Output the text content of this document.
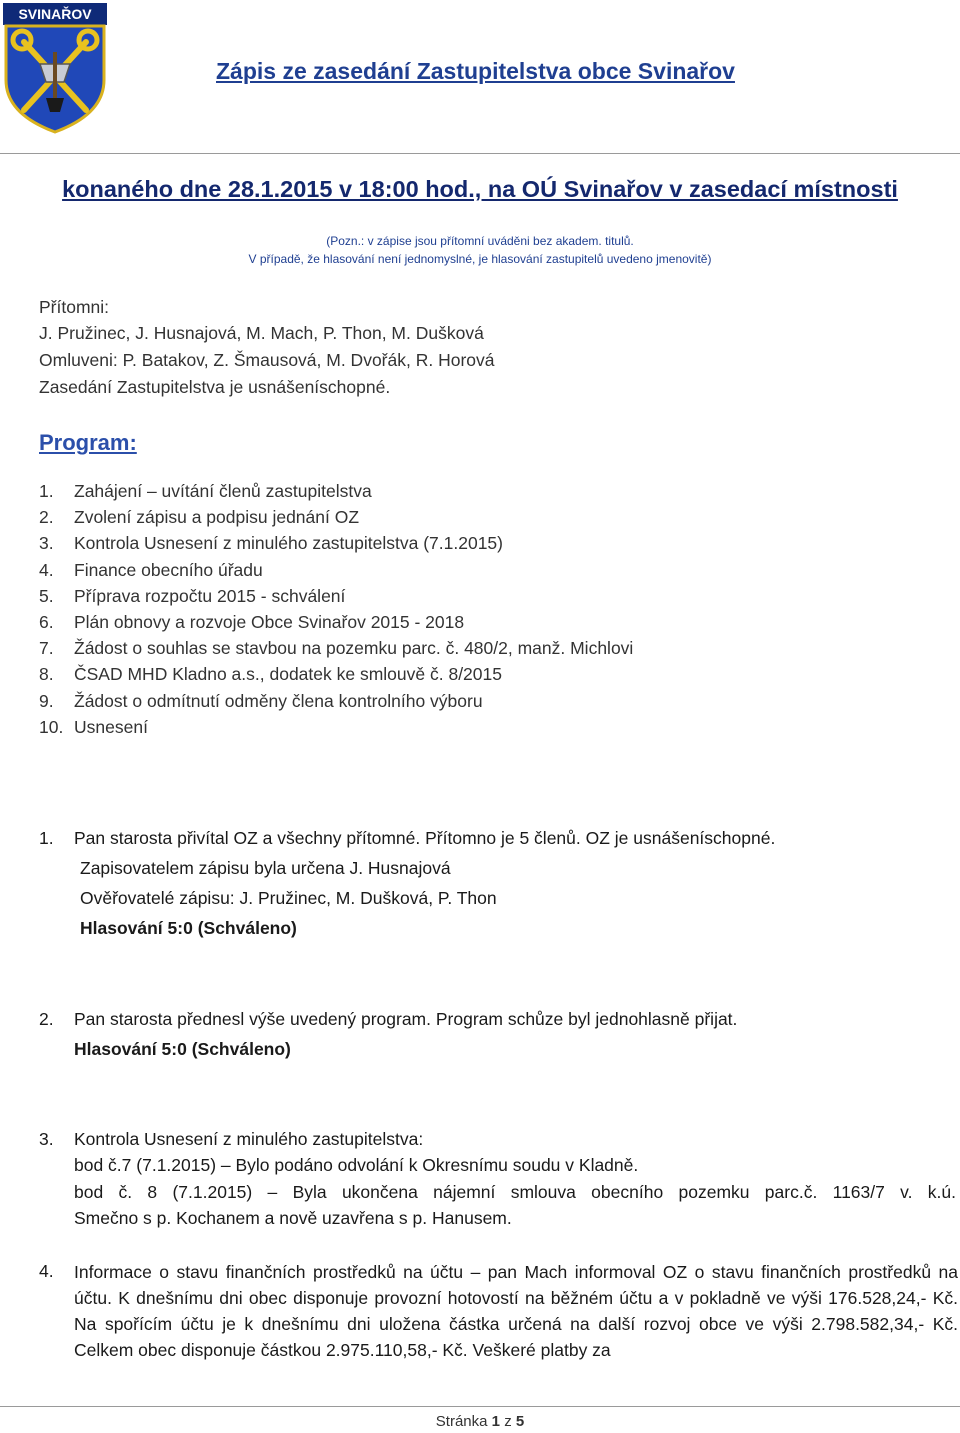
SVINAŘOV
Zápis ze zasedání Zastupitelstva obce Svinařov

konaného dne 28.1.2015 v 18:00 hod., na OÚ Svinařov v zasedací místnosti

(Pozn.: v zápise jsou přítomní uváděni bez akadem. titulů.
V případě, že hlasování není jednomyslné, je hlasování zastupitelů uvedeno jmenovitě)
Přítomni:
J. Pružinec, J. Husnajová, M. Mach, P. Thon, M. Dušková
Omluveni: P. Batakov, Z. Šmausová, M. Dvořák, R. Horová
Zasedání Zastupitelstva je usnášeníschopné.
Program:
1. Zahájení – uvítání členů zastupitelstva
2. Zvolení zápisu a podpisu jednání OZ
3. Kontrola Usnesení z minulého zastupitelstva (7.1.2015)
4. Finance obecního úřadu
5. Příprava rozpočtu 2015 - schválení
6. Plán obnovy a rozvoje Obce Svinařov 2015 - 2018
7. Žádost o souhlas se stavbou na pozemku parc. č. 480/2, manž. Michlovi
8. ČSAD MHD Kladno a.s., dodatek ke smlouvě č. 8/2015
9. Žádost o odmítnutí odměny člena kontrolního výboru
10. Usnesení
1. Pan starosta přivítal OZ a všechny přítomné. Přítomno je 5 členů. OZ je usnášeníschopné.
Zapisovatelem zápisu byla určena J. Husnajová
Ověřovatelé zápisu: J. Pružinec, M. Dušková, P. Thon
Hlasování 5:0 (Schváleno)
2. Pan starosta přednesl výše uvedený program. Program schůze byl jednohlasně přijat.
Hlasování 5:0 (Schváleno)
3. Kontrola Usnesení z minulého zastupitelstva:
bod č.7 (7.1.2015) – Bylo podáno odvolání k Okresnímu soudu v Kladně.
bod č. 8 (7.1.2015) – Byla ukončena nájemní smlouva obecního pozemku parc.č. 1163/7 v. k.ú.
Smečno s p. Kochanem a nově uzavřena s p. Hanusem.
4. Informace o stavu finančních prostředků na účtu – pan Mach informoval OZ o stavu finančních prostředků na účtu. K dnešnímu dni obec disponuje provozní hotovostí na běžném účtu a v pokladně ve výši 176.528,24,- Kč. Na spořícím účtu je k dnešnímu dni uložena částka určená na další rozvoj obce ve výši 2.798.582,34,- Kč. Celkem obec disponuje částkou 2.975.110,58,- Kč. Veškeré platby za
Stránka 1 z 5
